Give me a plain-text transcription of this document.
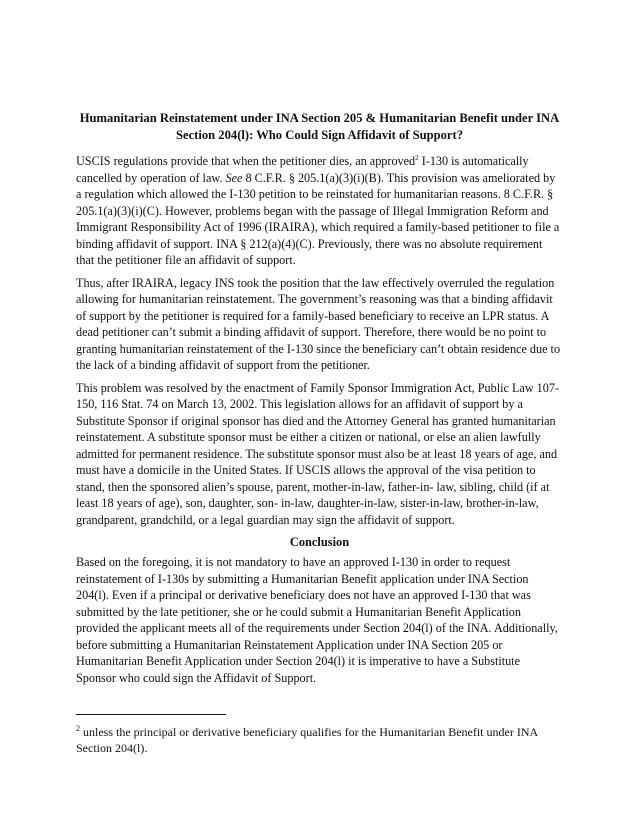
Humanitarian Reinstatement under INA Section 205 & Humanitarian Benefit under INA Section 204(l): Who Could Sign Affidavit of Support?

USCIS regulations provide that when the petitioner dies, an approved$^2$ I-130 is automatically cancelled by operation of law. See 8 C.F.R. § 205.1(a)(3)(i)(B). This provision was ameliorated by a regulation which allowed the I-130 petition to be reinstated for humanitarian reasons. 8 C.F.R. § 205.1(a)(3)(i)(C). However, problems began with the passage of Illegal Immigration Reform and Immigrant Responsibility Act of 1996 (IRAIRA), which required a family-based petitioner to file a binding affidavit of support. INA § 212(a)(4)(C). Previously, there was no absolute requirement that the petitioner file an affidavit of support.

Thus, after IRAIRA, legacy INS took the position that the law effectively overruled the regulation allowing for humanitarian reinstatement. The government’s reasoning was that a binding affidavit of support by the petitioner is required for a family-based beneficiary to receive an LPR status. A dead petitioner can’t submit a binding affidavit of support. Therefore, there would be no point to granting humanitarian reinstatement of the I-130 since the beneficiary can’t obtain residence due to the lack of a binding affidavit of support from the petitioner.

This problem was resolved by the enactment of Family Sponsor Immigration Act, Public Law 107-150, 116 Stat. 74 on March 13, 2002. This legislation allows for an affidavit of support by a Substitute Sponsor if original sponsor has died and the Attorney General has granted humanitarian reinstatement. A substitute sponsor must be either a citizen or national, or else an alien lawfully admitted for permanent residence. The substitute sponsor must also be at least 18 years of age, and must have a domicile in the United States. If USCIS allows the approval of the visa petition to stand, then the sponsored alien’s spouse, parent, mother-in-law, father-in- law, sibling, child (if at least 18 years of age), son, daughter, son- in-law, daughter-in-law, sister-in-law, brother-in-law, grandparent, grandchild, or a legal guardian may sign the affidavit of support.

Conclusion

Based on the foregoing, it is not mandatory to have an approved I-130 in order to request reinstatement of I-130s by submitting a Humanitarian Benefit application under INA Section 204(l). Even if a principal or derivative beneficiary does not have an approved I-130 that was submitted by the late petitioner, she or he could submit a Humanitarian Benefit Application provided the applicant meets all of the requirements under Section 204(l) of the INA. Additionally, before submitting a Humanitarian Reinstatement Application under INA Section 205 or Humanitarian Benefit Application under Section 204(l) it is imperative to have a Substitute Sponsor who could sign the Affidavit of Support.

$^2$ unless the principal or derivative beneficiary qualifies for the Humanitarian Benefit under INA Section 204(l).
